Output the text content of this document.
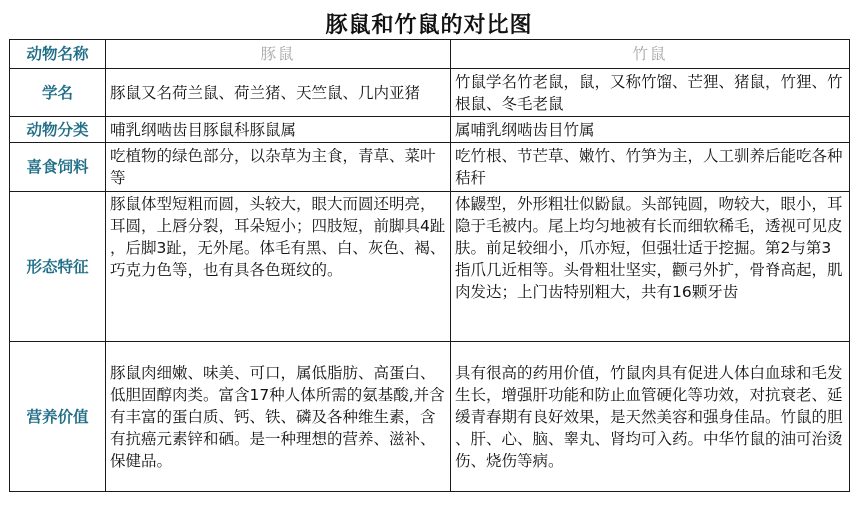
豚鼠和竹鼠的对比图
动物名称	豚鼠	竹鼠
学名	豚鼠又名荷兰鼠、荷兰猪、天竺鼠、几内亚猪	竹鼠学名竹老鼠，鼠，又称竹馏、芒狸、猪鼠，竹狸、竹根鼠、冬毛老鼠
动物分类	哺乳纲啮齿目豚鼠科豚鼠属	属哺乳纲啮齿目竹属
喜食饲料	吃植物的绿色部分，以杂草为主食，青草、菜叶等	吃竹根、节芒草、嫩竹、竹笋为主，人工驯养后能吃各种秸秆
形态特征	豚鼠体型短粗而圆，头较大，眼大而圆还明亮，耳圆，上唇分裂，耳朵短小；四肢短，前脚具4趾，后脚3趾，无外尾。体毛有黑、白、灰色、褐、巧克力色等，也有具各色斑纹的。	体鼹型，外形粗壮似鼢鼠。头部钝圆，吻较大，眼小，耳隐于毛被内。尾上均匀地被有长而细软稀毛，透视可见皮肤。前足较细小，爪亦短，但强壮适于挖掘。第2与第3指爪几近相等。头骨粗壮坚实，颧弓外扩，骨脊高起，肌肉发达；上门齿特别粗大，共有16颗牙齿
营养价值	豚鼠肉细嫩、味美、可口，属低脂肪、高蛋白、低胆固醇肉类。富含17种人体所需的氨基酸,并含有丰富的蛋白质、钙、铁、磷及各种维生素，含有抗癌元素锌和硒。是一种理想的营养、滋补、保健品。	具有很高的药用价值，竹鼠肉具有促进人体白血球和毛发生长，增强肝功能和防止血管硬化等功效，对抗衰老、延缓青春期有良好效果，是天然美容和强身佳品。竹鼠的胆、肝、心、脑、睾丸、肾均可入药。中华竹鼠的油可治烫伤、烧伤等病。
